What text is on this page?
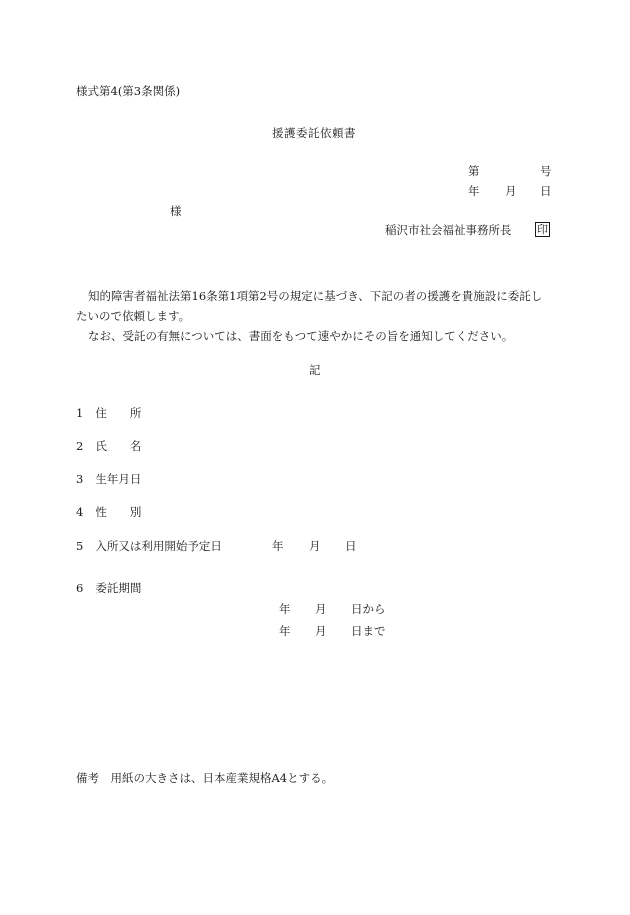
様式第4(第3条関係)
援護委託依頼書
第	号
年 月 日
様
稲沢市社会福祉事務所長 印

知的障害者福祉法第16条第1項第2号の規定に基づき、下記の者の援護を貴施設に委託し

たいので依頼します。

なお、受託の有無については、書面をもつて速やかにその旨を通知してください。

記
1 住　　所
2 氏　　名
3 生年月日
4 性　　別
5 入所又は利用開始予定日	年 月 日
6 委託期間
年 月 日から
年 月 日まで
備考　用紙の大きさは、日本産業規格A4とする。
